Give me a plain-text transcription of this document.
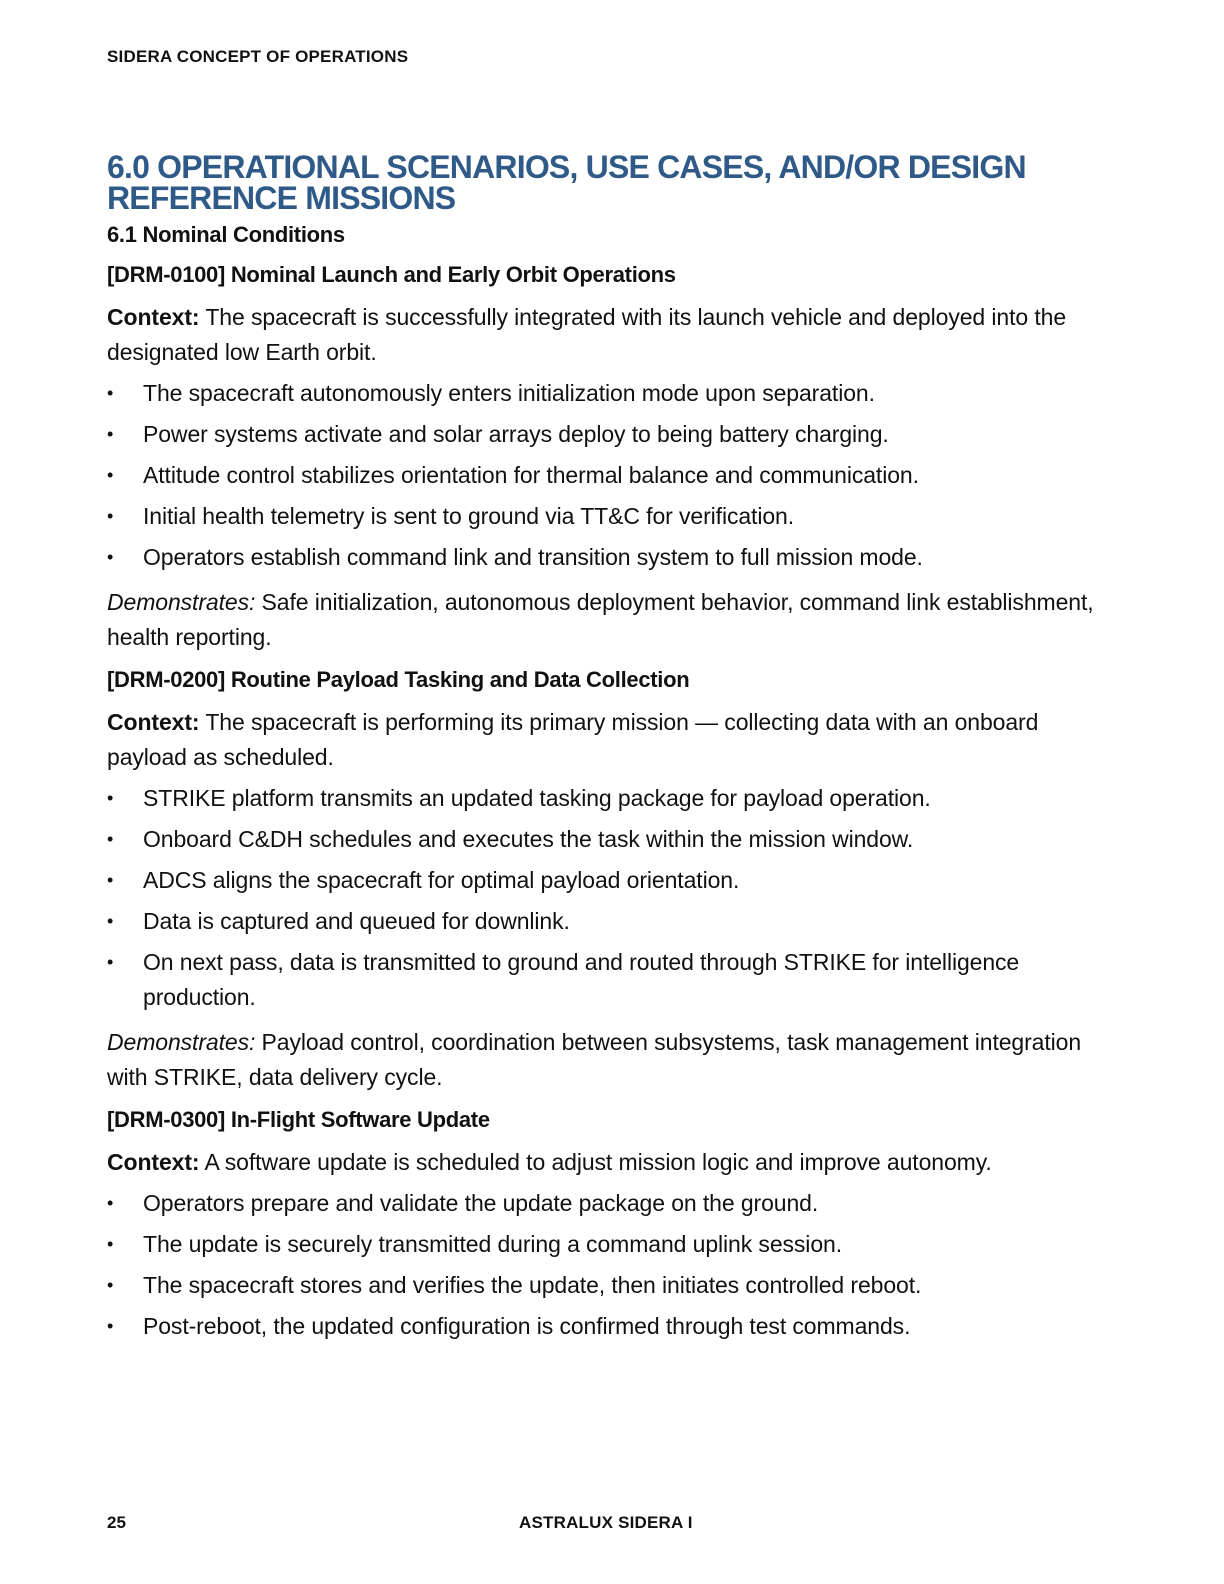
SIDERA CONCEPT OF OPERATIONS
6.0 OPERATIONAL SCENARIOS, USE CASES, AND/OR DESIGN REFERENCE MISSIONS
6.1 Nominal Conditions
[DRM-0100] Nominal Launch and Early Orbit Operations

Context: The spacecraft is successfully integrated with its launch vehicle and deployed into the designated low Earth orbit.

• The spacecraft autonomously enters initialization mode upon separation.
• Power systems activate and solar arrays deploy to being battery charging.
• Attitude control stabilizes orientation for thermal balance and communication.
• Initial health telemetry is sent to ground via TT&C for verification.
• Operators establish command link and transition system to full mission mode.

Demonstrates: Safe initialization, autonomous deployment behavior, command link establishment, health reporting.

[DRM-0200] Routine Payload Tasking and Data Collection

Context: The spacecraft is performing its primary mission — collecting data with an onboard payload as scheduled.

• STRIKE platform transmits an updated tasking package for payload operation.
• Onboard C&DH schedules and executes the task within the mission window.
• ADCS aligns the spacecraft for optimal payload orientation.
• Data is captured and queued for downlink.
• On next pass, data is transmitted to ground and routed through STRIKE for intelligence production.

Demonstrates: Payload control, coordination between subsystems, task management integration with STRIKE, data delivery cycle.

[DRM-0300] In-Flight Software Update

Context: A software update is scheduled to adjust mission logic and improve autonomy.

• Operators prepare and validate the update package on the ground.
• The update is securely transmitted during a command uplink session.
• The spacecraft stores and verifies the update, then initiates controlled reboot.
• Post-reboot, the updated configuration is confirmed through test commands.
25	ASTRALUX SIDERA I
